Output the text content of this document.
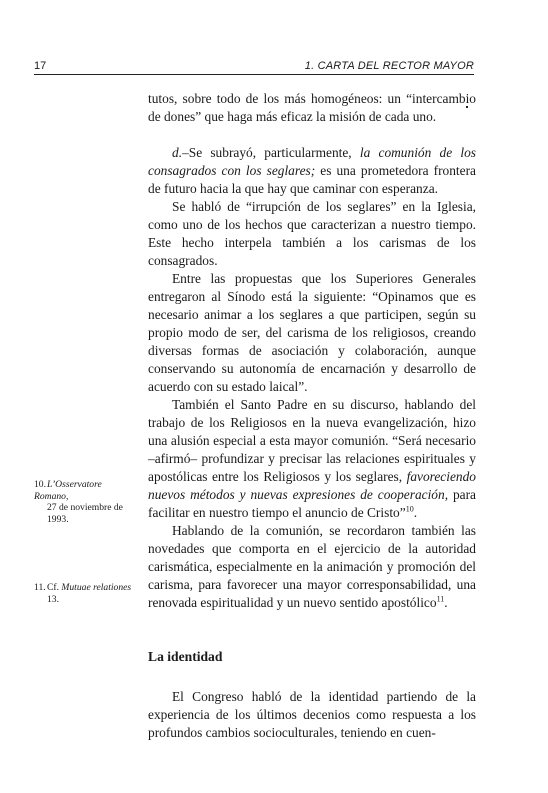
17	1. CARTA DEL RECTOR MAYOR

tutos, sobre todo de los más homogéneos: un “intercambio de dones” que haga más eficaz la misión de cada uno.

d.–Se subrayó, particularmente, la comunión de los consagrados con los seglares; es una prometedora frontera de futuro hacia la que hay que caminar con esperanza.

Se habló de “irrupción de los seglares” en la Iglesia, como uno de los hechos que caracterizan a nuestro tiempo. Este hecho interpela también a los carismas de los consagrados.

Entre las propuestas que los Superiores Generales entregaron al Sínodo está la siguiente: “Opinamos que es necesario animar a los seglares a que participen, según su propio modo de ser, del carisma de los religiosos, creando diversas formas de asociación y colaboración, aunque conservando su autonomía de encarnación y desarrollo de acuerdo con su estado laical”.

También el Santo Padre en su discurso, hablando del trabajo de los Religiosos en la nueva evangelización, hizo una alusión especial a esta mayor comunión. “Será necesario –afirmó– profundizar y precisar las relaciones espirituales y apostólicas entre los Religiosos y los seglares, favoreciendo nuevos métodos y nuevas expresiones de cooperación, para facilitar en nuestro tiempo el anuncio de Cristo”$^{10}$.

Hablando de la comunión, se recordaron también las novedades que comporta en el ejercicio de la autoridad carismática, especialmente en la animación y promoción del carisma, para favorecer una mayor corresponsabilidad, una renovada espiritualidad y un nuevo sentido apostólico$^{11}$.

La identidad

El Congreso habló de la identidad partiendo de la experiencia de los últimos decenios como respuesta a los profundos cambios socioculturales, teniendo en cuen-

10.L’Osservatore Romano,
27 de noviembre de 1993.
11.Cf. Mutuae relationes
13.
